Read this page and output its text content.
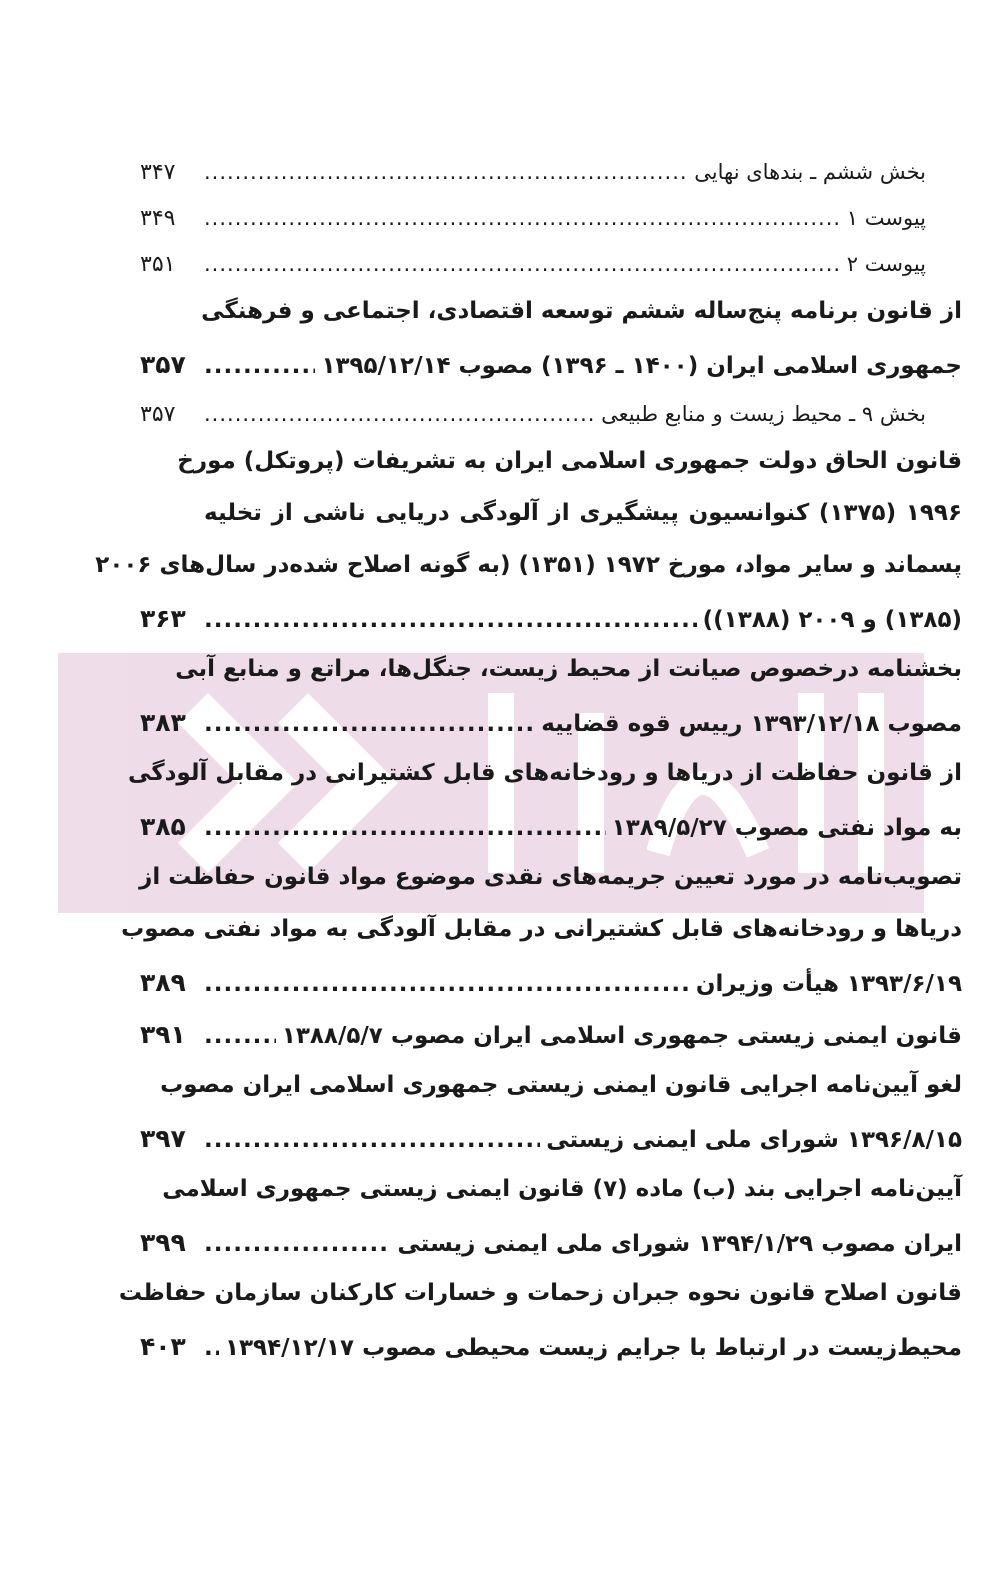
بخش ششم ـ بندهای نهایی
.....
۳۴۷
پیوست ۱
.....
۳۴۹
پیوست ۲
.....
۳۵۱
از قانون برنامه پنج‌ساله ششم توسعه اقتصادی، اجتماعی و فرهنگی
جمهوری اسلامی ایران (۱۴۰۰ ـ ۱۳۹۶) مصوب ۱۳۹۵/۱۲/۱۴
.....
۳۵۷
بخش ۹ ـ محیط زیست و منابع طبیعی
.....
۳۵۷
قانون الحاق دولت جمهوری اسلامی ایران به تشریفات (پروتکل) مورخ
۱۹۹۶ (۱۳۷۵) کنوانسیون پیشگیری از آلودگی دریایی ناشی از تخلیه
پسماند و سایر مواد، مورخ ۱۹۷۲ (۱۳۵۱) (به گونه اصلاح شده‌در سال‌های ۲۰۰۶
(۱۳۸۵) و ۲۰۰۹ (۱۳۸۸))
.....
۳۶۳
بخشنامه درخصوص صیانت از محیط زیست، جنگل‌ها، مراتع و منابع آبی
مصوب ۱۳۹۳/۱۲/۱۸ رییس قوه قضاییه
.....
۳۸۳
از قانون حفاظت از دریاها و رودخانه‌های قابل کشتیرانی در مقابل آلودگی
به مواد نفتی مصوب ۱۳۸۹/۵/۲۷
.....
۳۸۵
تصویب‌نامه در مورد تعیین جریمه‌های نقدی موضوع مواد قانون حفاظت از
دریاها و رودخانه‌های قابل کشتیرانی در مقابل آلودگی به مواد نفتی مصوب
۱۳۹۳/۶/۱۹ هیأت وزیران
.....
۳۸۹
قانون ایمنی زیستی جمهوری اسلامی ایران مصوب ۱۳۸۸/۵/۷
.....
۳۹۱
لغو آیین‌نامه اجرایی قانون ایمنی زیستی جمهوری اسلامی ایران مصوب
۱۳۹۶/۸/۱۵ شورای ملی ایمنی زیستی
.....
۳۹۷
آیین‌نامه اجرایی بند (ب) ماده (۷) قانون ایمنی زیستی جمهوری اسلامی
ایران مصوب ۱۳۹۴/۱/۲۹ شورای ملی ایمنی زیستی
.....
۳۹۹
قانون اصلاح قانون نحوه جبران زحمات و خسارات کارکنان سازمان حفاظت
محیط‌زیست در ارتباط با جرایم زیست محیطی مصوب ۱۳۹۴/۱۲/۱۷
.....
۴۰۳
